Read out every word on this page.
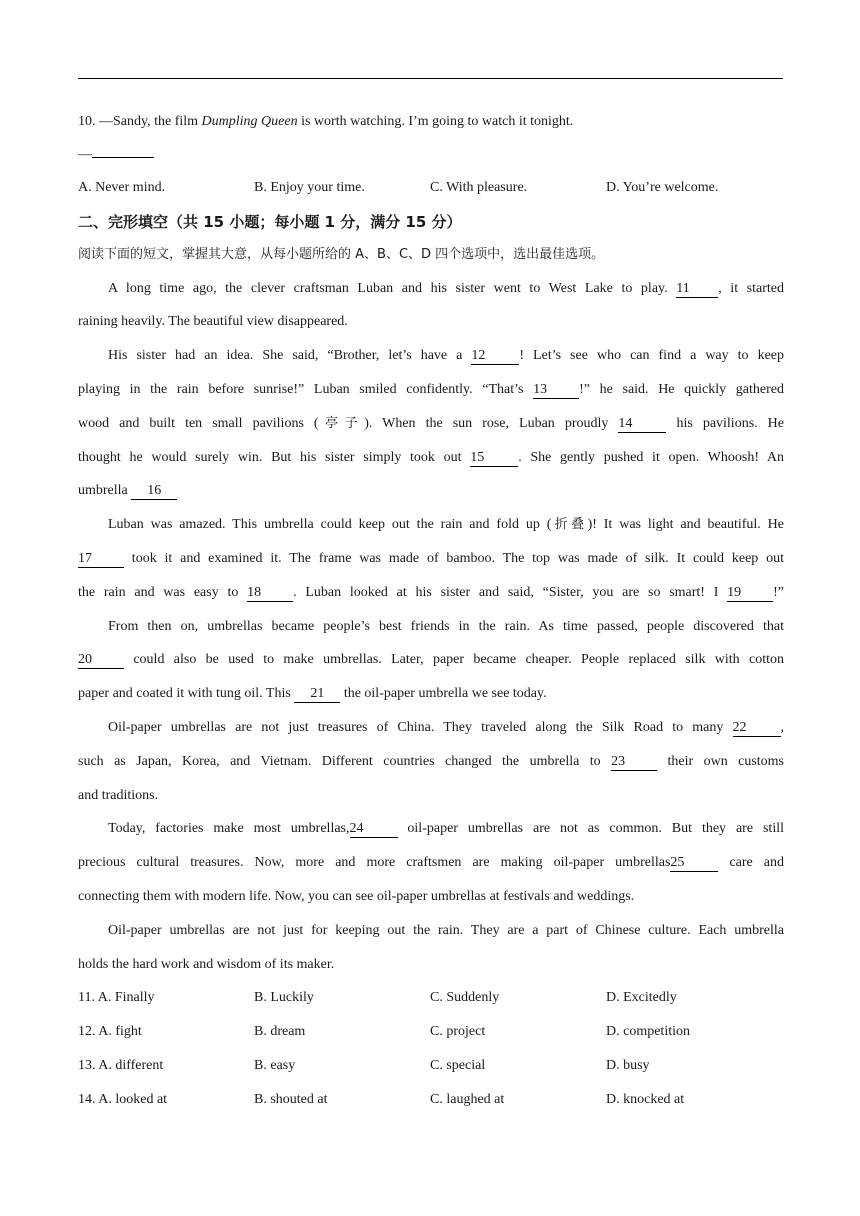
10. —Sandy, the film Dumpling Queen is worth watching. I’m going to watch it tonight.
—
A. Never mind.	B. Enjoy your time.	C. With pleasure.	D. You’re welcome.
二、完形填空（共 15 小题；每小题 1 分，满分 15 分）
阅读下面的短文，掌握其大意，从每小题所给的 A、B、C、D 四个选项中，选出最佳选项。
A long time ago, the clever craftsman Luban and his sister went to West Lake to play. 11 , it started
raining heavily. The beautiful view disappeared.
His sister had an idea. She said, “Brother, let’s have a 12 ! Let’s see who can find a way to keep
playing in the rain before sunrise!” Luban smiled confidently. “That’s 13 !” he said. He quickly gathered
wood and built ten small pavilions (亭子). When the sun rose, Luban proudly 14 his pavilions. He
thought he would surely win. But his sister simply took out 15 . She gently pushed it open. Whoosh! An
umbrella 16
Luban was amazed. This umbrella could keep out the rain and fold up (折叠)! It was light and beautiful. He
17 took it and examined it. The frame was made of bamboo. The top was made of silk. It could keep out
the rain and was easy to 18 . Luban looked at his sister and said, “Sister, you are so smart! I 19 !”
From then on, umbrellas became people’s best friends in the rain. As time passed, people discovered that
20 could also be used to make umbrellas. Later, paper became cheaper. People replaced silk with cotton
paper and coated it with tung oil. This 21 the oil-paper umbrella we see today.
Oil-paper umbrellas are not just treasures of China. They traveled along the Silk Road to many 22 ,
such as Japan, Korea, and Vietnam. Different countries changed the umbrella to 23 their own customs
and traditions.
Today, factories make most umbrellas,24 oil-paper umbrellas are not as common. But they are still
precious cultural treasures. Now, more and more craftsmen are making oil-paper umbrellas25 care and
connecting them with modern life. Now, you can see oil-paper umbrellas at festivals and weddings.
Oil-paper umbrellas are not just for keeping out the rain. They are a part of Chinese culture. Each umbrella
holds the hard work and wisdom of its maker.
11. A. Finally	B. Luckily	C. Suddenly	D. Excitedly
12. A. fight	B. dream	C. project	D. competition
13. A. different	B. easy	C. special	D. busy
14. A. looked at	B. shouted at	C. laughed at	D. knocked at
